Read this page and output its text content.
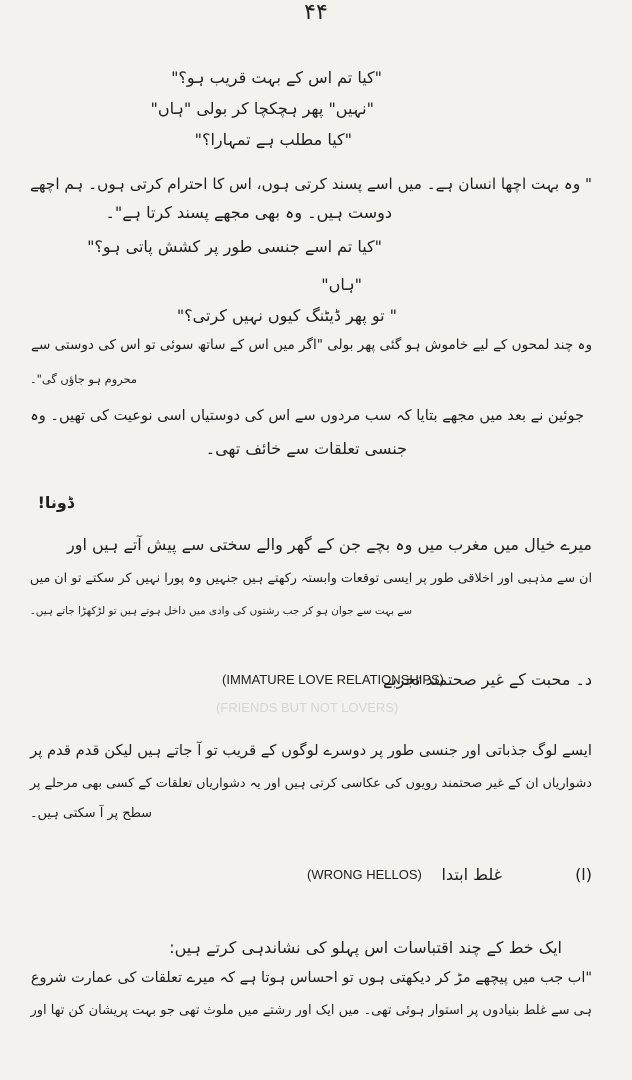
(FRIENDS BUT NOT LOVERS)
۴۴
"کیا تم اس کے بہت قریب ہو؟"
"نہیں" پھر ہچکچا کر بولی "ہاں"
"کیا مطلب ہے تمہارا؟"
" وہ بہت اچھا انسان ہے۔ میں اسے پسند کرتی ہوں، اس کا احترام کرتی ہوں۔ ہم اچھے
دوست ہیں۔ وہ بھی مجھے پسند کرتا ہے"۔
"کیا تم اسے جنسی طور پر کشش پاتی ہو؟"
"ہاں"
" تو پھر ڈیٹنگ کیوں نہیں کرتی؟"
وہ چند لمحوں کے لیے خاموش ہو گئی پھر بولی "اگر میں اس کے ساتھ سوئی تو اس کی دوستی سے
محروم ہو جاؤں گی"۔
جوئین نے بعد میں مجھے بتایا کہ سب مردوں سے اس کی دوستیاں اسی نوعیت کی تھیں۔ وہ
جنسی تعلقات سے خائف تھی۔
ڈونا!
میرے خیال میں مغرب میں وہ بچے جن کے گھر والے سختی سے پیش آتے ہیں اور
ان سے مذہبی اور اخلاقی طور پر ایسی توقعات وابستہ رکھتے ہیں جنہیں وہ پورا نہیں کر سکتے تو ان میں
سے بہت سے جوان ہو کر جب رشتوں کی وادی میں داخل ہوتے ہیں تو لڑکھڑا جاتے ہیں۔
د۔ محبت کے غیر صحتمند تجربے
(IMMATURE LOVE RELATIONSHIPS)
ایسے لوگ جذباتی اور جنسی طور پر دوسرے لوگوں کے قریب تو آ جاتے ہیں لیکن قدم قدم پر
دشواریاں ان کے غیر صحتمند رویوں کی عکاسی کرتی ہیں اور یہ دشواریاں تعلقات کے کسی بھی مرحلے پر
سطح پر آ سکتی ہیں۔
(ا)
غلط ابتدا
(WRONG HELLOS)
ایک خط کے چند اقتباسات اس پہلو کی نشاندہی کرتے ہیں:
"اب جب میں پیچھے مڑ کر دیکھتی ہوں تو احساس ہوتا ہے کہ میرے تعلقات کی عمارت شروع
ہی سے غلط بنیادوں پر استوار ہوئی تھی۔ میں ایک اور رشتے میں ملوث تھی جو بہت پریشان کن تھا اور
